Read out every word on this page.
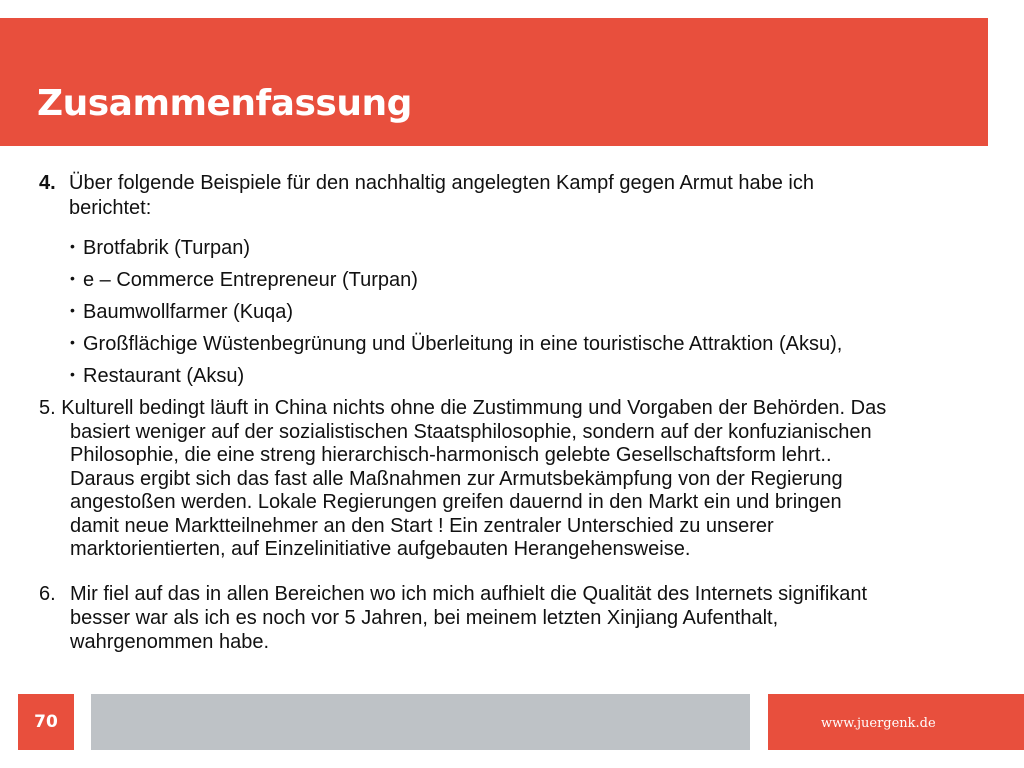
Zusammenfassung
4. Über folgende Beispiele für den nachhaltig angelegten Kampf gegen Armut habe ich
berichtet:
• Brotfabrik (Turpan)
• e – Commerce Entrepreneur (Turpan)
• Baumwollfarmer (Kuqa)
• Großflächige Wüstenbegrünung und Überleitung in eine touristische Attraktion (Aksu),
• Restaurant (Aksu)
5. Kulturell bedingt läuft in China nichts ohne die Zustimmung und Vorgaben der Behörden. Das
basiert weniger auf der sozialistischen Staatsphilosophie, sondern auf der konfuzianischen
Philosophie, die eine streng hierarchisch-harmonisch gelebte Gesellschaftsform lehrt..
Daraus ergibt sich das fast alle Maßnahmen zur Armutsbekämpfung von der Regierung
angestoßen werden. Lokale Regierungen greifen dauernd in den Markt ein und bringen
damit neue Marktteilnehmer an den Start ! Ein zentraler Unterschied zu unserer
marktorientierten, auf Einzelinitiative aufgebauten Herangehensweise.
6. Mir fiel auf das in allen Bereichen wo ich mich aufhielt die Qualität des Internets signifikant
besser war als ich es noch vor 5 Jahren, bei meinem letzten Xinjiang Aufenthalt,
wahrgenommen habe.
70	www.juergenk.de
